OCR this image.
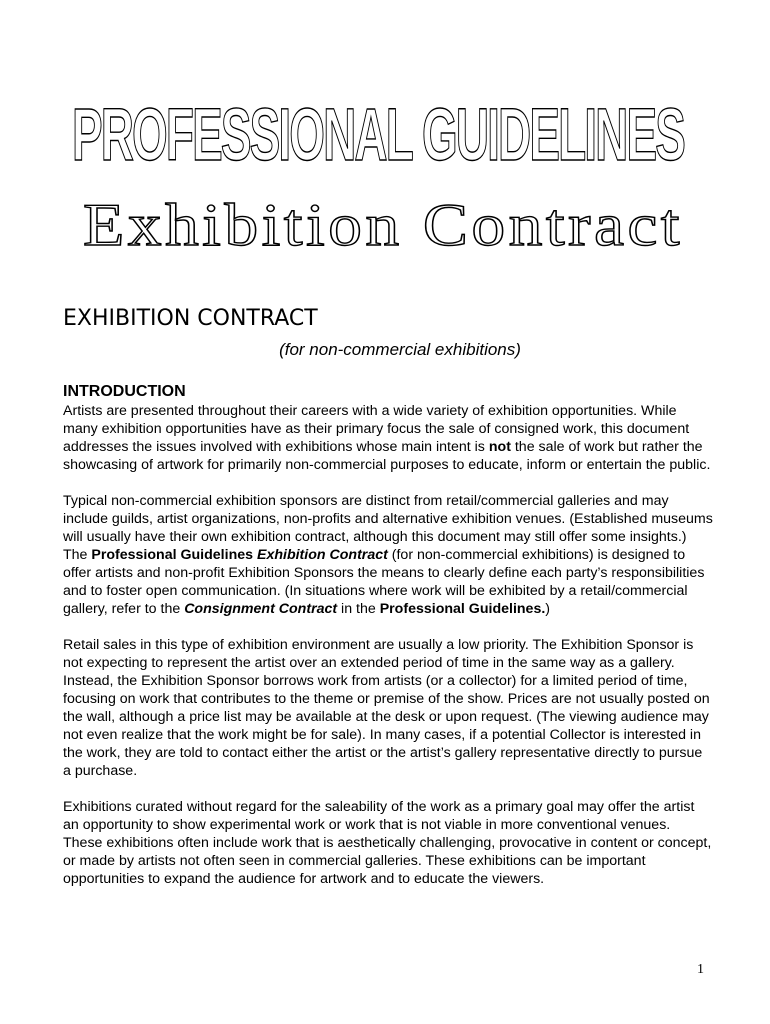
PROFESSIONAL GUIDELINES
Exhibition Contract
EXHIBITION CONTRACT
(for non-commercial exhibitions)
INTRODUCTION

Artists are presented throughout their careers with a wide variety of exhibition opportunities. While many exhibition opportunities have as their primary focus the sale of consigned work, this document addresses the issues involved with exhibitions whose main intent is not the sale of work but rather the showcasing of artwork for primarily non-commercial purposes to educate, inform or entertain the public.

Typical non-commercial exhibition sponsors are distinct from retail/commercial galleries and may include guilds, artist organizations, non-profits and alternative exhibition venues. (Established museums will usually have their own exhibition contract, although this document may still offer some insights.) The Professional Guidelines Exhibition Contract (for non-commercial exhibitions) is designed to offer artists and non-profit Exhibition Sponsors the means to clearly define each party’s responsibilities and to foster open communication. (In situations where work will be exhibited by a retail/commercial gallery, refer to the Consignment Contract in the Professional Guidelines.)

Retail sales in this type of exhibition environment are usually a low priority. The Exhibition Sponsor is not expecting to represent the artist over an extended period of time in the same way as a gallery. Instead, the Exhibition Sponsor borrows work from artists (or a collector) for a limited period of time, focusing on work that contributes to the theme or premise of the show. Prices are not usually posted on the wall, although a price list may be available at the desk or upon request. (The viewing audience may not even realize that the work might be for sale). In many cases, if a potential Collector is interested in the work, they are told to contact either the artist or the artist’s gallery representative directly to pursue a purchase.

Exhibitions curated without regard for the saleability of the work as a primary goal may offer the artist an opportunity to show experimental work or work that is not viable in more conventional venues. These exhibitions often include work that is aesthetically challenging, provocative in content or concept, or made by artists not often seen in commercial galleries. These exhibitions can be important opportunities to expand the audience for artwork and to educate the viewers.

1
